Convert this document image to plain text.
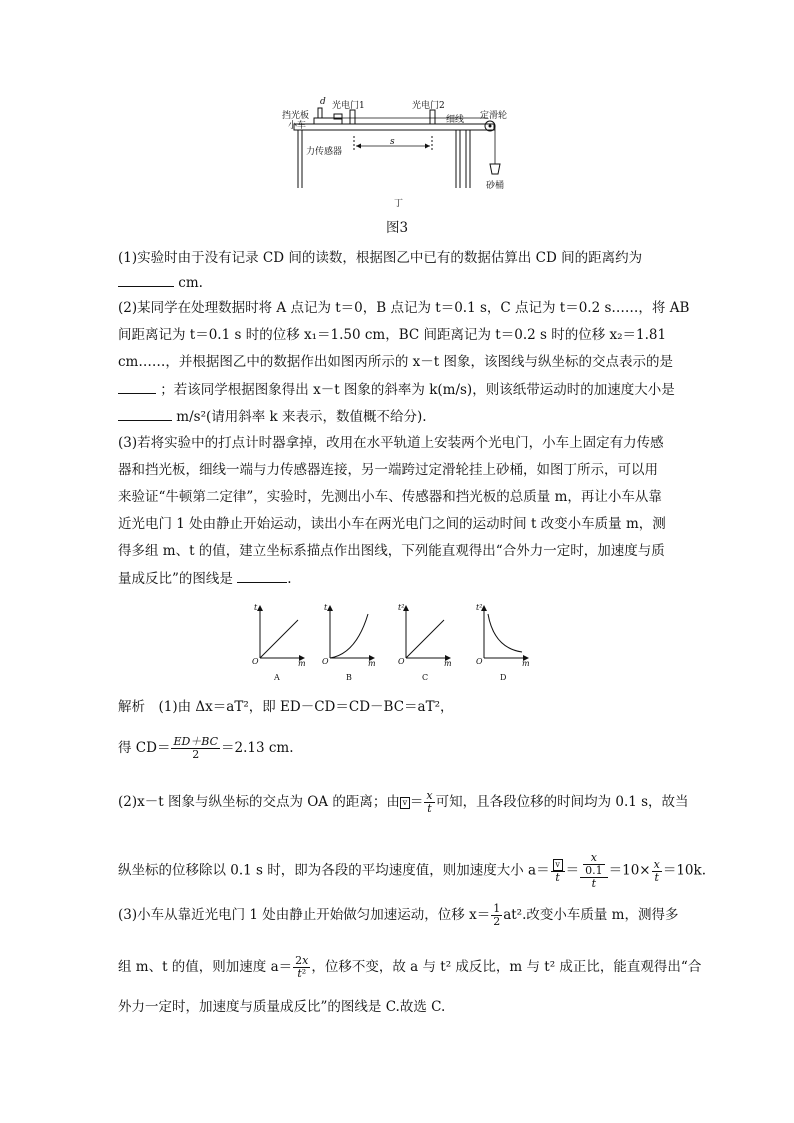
d 光电门1	光电门2
定滑轮
挡光板
小车
细线
力传感器
s
砂桶
丁
图3
(1)实验时由于没有记录 CD 间的读数，根据图乙中已有的数据估算出 CD 间的距离约为
cm.
(2)某同学在处理数据时将 A 点记为 t＝0，B 点记为 t＝0.1 s，C 点记为 t＝0.2 s……，将 AB
间距离记为 t＝0.1 s 时的位移 x₁＝1.50 cm，BC 间距离记为 t＝0.2 s 时的位移 x₂＝1.81
cm……，并根据图乙中的数据作出如图丙所示的 x－t 图象，该图线与纵坐标的交点表示的是
；若该同学根据图象得出 x－t 图象的斜率为 k(m/s)，则该纸带运动时的加速度大小是
m/s²(请用斜率 k 来表示，数值概不给分).
(3)若将实验中的打点计时器拿掉，改用在水平轨道上安装两个光电门，小车上固定有力传感
器和挡光板，细线一端与力传感器连接，另一端跨过定滑轮挂上砂桶，如图丁所示，可以用
来验证“牛顿第二定律”，实验时，先测出小车、传感器和挡光板的总质量 m，再让小车从靠
近光电门 1 处由静止开始运动，读出小车在两光电门之间的运动时间 t 改变小车质量 m，测
得多组 m、t 的值，建立坐标系描点作出图线，下列能直观得出“合外力一定时，加速度与质
量成反比”的图线是	.
t
m
O
A
t
m
O
B
t²
m
O
C
t²
m
O
D
解析　(1)由 Δx＝aT²，即 ED－CD＝CD－BC＝aT²，
得 $CD= \frac{ED+BC}{2} =2.13$ cm.
(2)x－t 图象与纵坐标的交点为 OA 的距离；由 $v = \frac{x}{t}$ 可知，且各段位移的时间均为 0.1 s，故当
纵坐标的位移除以 0.1 s 时，即为各段的平均速度值，则加速度大小 $a= \frac{v}{t} = \frac{\frac{x}{0.1}}{t} =10\times \frac{x}{t} =10k$.
(3)小车从靠近光电门 1 处由静止开始做匀加速运动，位移 $x= \frac{1}{2} at^2$.改变小车质量 m，测得多
组 m、t 的值，则加速度 $a= \frac{2x}{\text{t²}}$ ，位移不变，故 a 与 t² 成反比，m 与 t² 成正比，能直观得出“合
外力一定时，加速度与质量成反比”的图线是 C.故选 C.
